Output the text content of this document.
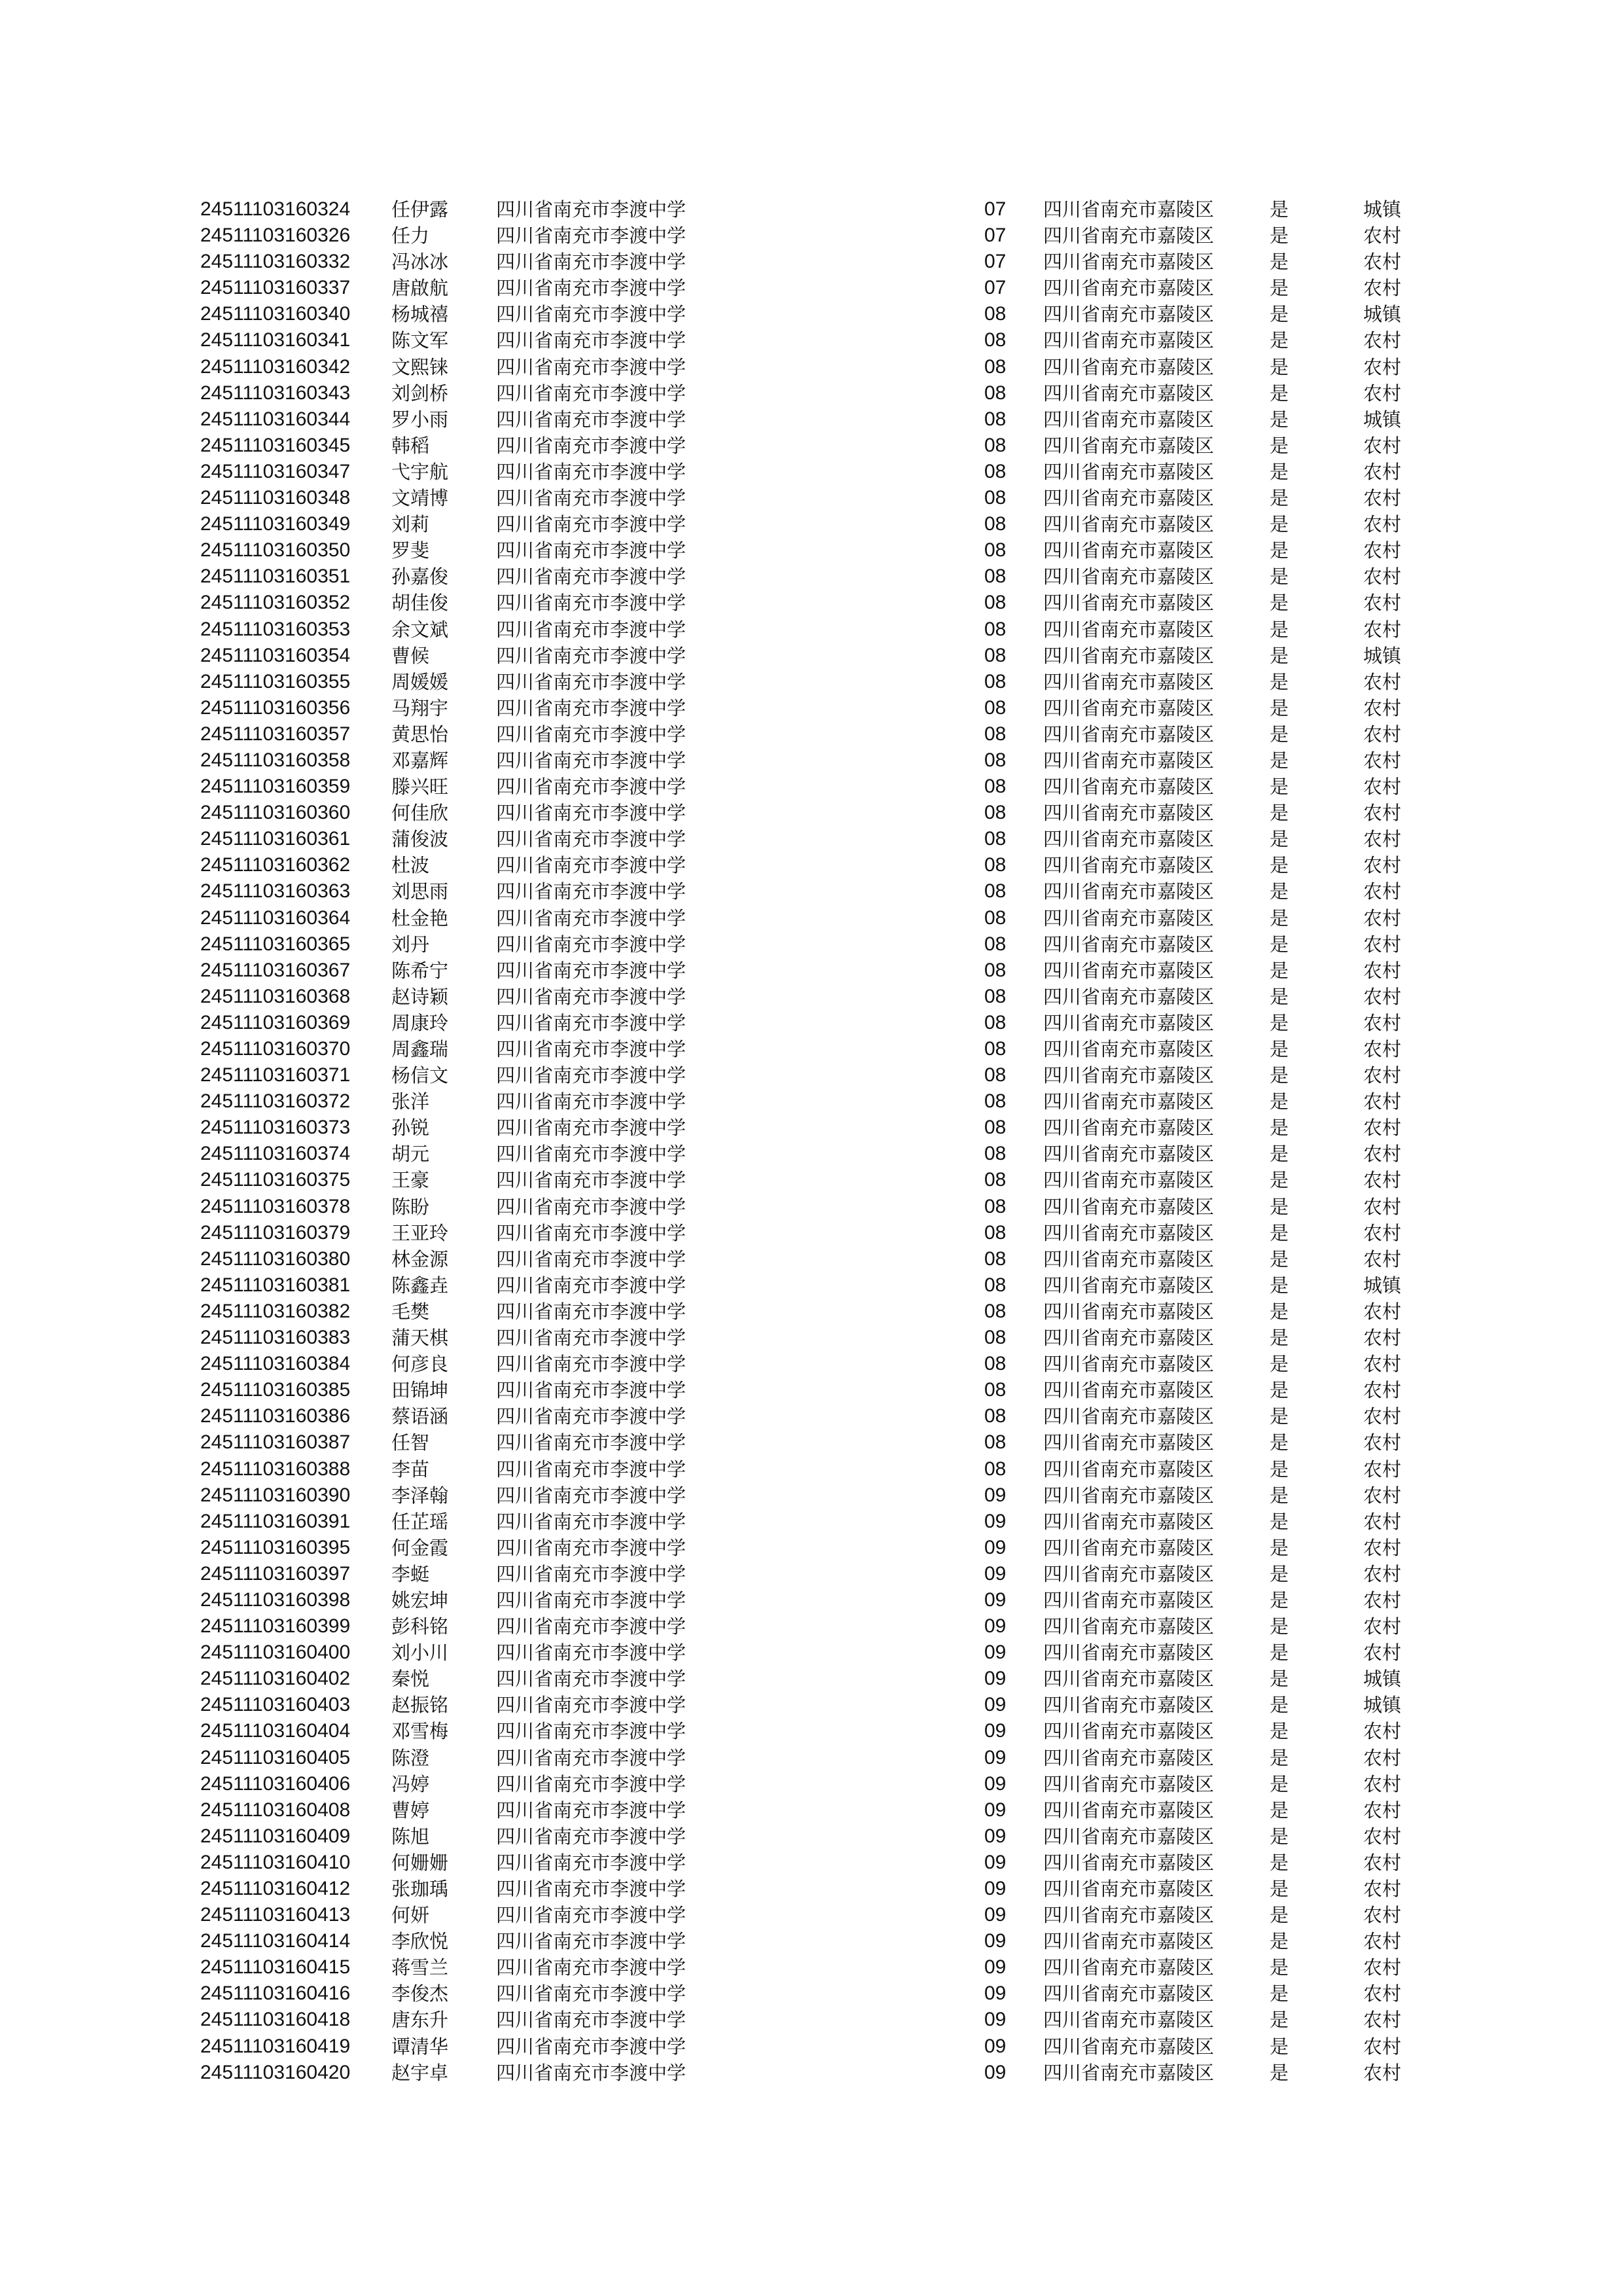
24511103160324 任伊露	四川省南充市李渡中学	07 四川省南充市嘉陵区	是	城镇
24511103160326 任力	四川省南充市李渡中学	07 四川省南充市嘉陵区	是	农村
24511103160332 冯冰冰	四川省南充市李渡中学	07 四川省南充市嘉陵区	是	农村
24511103160337 唐啟航	四川省南充市李渡中学	07 四川省南充市嘉陵区	是	农村
24511103160340 杨城禧	四川省南充市李渡中学	08 四川省南充市嘉陵区	是	城镇
24511103160341 陈文军	四川省南充市李渡中学	08 四川省南充市嘉陵区	是	农村
24511103160342 文熙铼	四川省南充市李渡中学	08 四川省南充市嘉陵区	是	农村
24511103160343 刘剑桥	四川省南充市李渡中学	08 四川省南充市嘉陵区	是	农村
24511103160344 罗小雨	四川省南充市李渡中学	08 四川省南充市嘉陵区	是	城镇
24511103160345 韩稻	四川省南充市李渡中学	08 四川省南充市嘉陵区	是	农村
24511103160347 弋宇航	四川省南充市李渡中学	08 四川省南充市嘉陵区	是	农村
24511103160348 文靖博	四川省南充市李渡中学	08 四川省南充市嘉陵区	是	农村
24511103160349 刘莉	四川省南充市李渡中学	08 四川省南充市嘉陵区	是	农村
24511103160350 罗斐	四川省南充市李渡中学	08 四川省南充市嘉陵区	是	农村
24511103160351 孙嘉俊	四川省南充市李渡中学	08 四川省南充市嘉陵区	是	农村
24511103160352 胡佳俊	四川省南充市李渡中学	08 四川省南充市嘉陵区	是	农村
24511103160353 余文斌	四川省南充市李渡中学	08 四川省南充市嘉陵区	是	农村
24511103160354 曹候	四川省南充市李渡中学	08 四川省南充市嘉陵区	是	城镇
24511103160355 周媛媛	四川省南充市李渡中学	08 四川省南充市嘉陵区	是	农村
24511103160356 马翔宇	四川省南充市李渡中学	08 四川省南充市嘉陵区	是	农村
24511103160357 黄思怡	四川省南充市李渡中学	08 四川省南充市嘉陵区	是	农村
24511103160358 邓嘉辉	四川省南充市李渡中学	08 四川省南充市嘉陵区	是	农村
24511103160359 滕兴旺	四川省南充市李渡中学	08 四川省南充市嘉陵区	是	农村
24511103160360 何佳欣	四川省南充市李渡中学	08 四川省南充市嘉陵区	是	农村
24511103160361 蒲俊波	四川省南充市李渡中学	08 四川省南充市嘉陵区	是	农村
24511103160362 杜波	四川省南充市李渡中学	08 四川省南充市嘉陵区	是	农村
24511103160363 刘思雨	四川省南充市李渡中学	08 四川省南充市嘉陵区	是	农村
24511103160364 杜金艳	四川省南充市李渡中学	08 四川省南充市嘉陵区	是	农村
24511103160365 刘丹	四川省南充市李渡中学	08 四川省南充市嘉陵区	是	农村
24511103160367 陈希宁	四川省南充市李渡中学	08 四川省南充市嘉陵区	是	农村
24511103160368 赵诗颖	四川省南充市李渡中学	08 四川省南充市嘉陵区	是	农村
24511103160369 周康玲	四川省南充市李渡中学	08 四川省南充市嘉陵区	是	农村
24511103160370 周鑫瑞	四川省南充市李渡中学	08 四川省南充市嘉陵区	是	农村
24511103160371 杨信文	四川省南充市李渡中学	08 四川省南充市嘉陵区	是	农村
24511103160372 张洋	四川省南充市李渡中学	08 四川省南充市嘉陵区	是	农村
24511103160373 孙锐	四川省南充市李渡中学	08 四川省南充市嘉陵区	是	农村
24511103160374 胡元	四川省南充市李渡中学	08 四川省南充市嘉陵区	是	农村
24511103160375 王豪	四川省南充市李渡中学	08 四川省南充市嘉陵区	是	农村
24511103160378 陈盼	四川省南充市李渡中学	08 四川省南充市嘉陵区	是	农村
24511103160379 王亚玲	四川省南充市李渡中学	08 四川省南充市嘉陵区	是	农村
24511103160380 林金源	四川省南充市李渡中学	08 四川省南充市嘉陵区	是	农村
24511103160381 陈鑫垚	四川省南充市李渡中学	08 四川省南充市嘉陵区	是	城镇
24511103160382 毛樊	四川省南充市李渡中学	08 四川省南充市嘉陵区	是	农村
24511103160383 蒲天棋	四川省南充市李渡中学	08 四川省南充市嘉陵区	是	农村
24511103160384 何彦良	四川省南充市李渡中学	08 四川省南充市嘉陵区	是	农村
24511103160385 田锦坤	四川省南充市李渡中学	08 四川省南充市嘉陵区	是	农村
24511103160386 蔡语涵	四川省南充市李渡中学	08 四川省南充市嘉陵区	是	农村
24511103160387 任智	四川省南充市李渡中学	08 四川省南充市嘉陵区	是	农村
24511103160388 李苗	四川省南充市李渡中学	08 四川省南充市嘉陵区	是	农村
24511103160390 李泽翰	四川省南充市李渡中学	09 四川省南充市嘉陵区	是	农村
24511103160391 任芷瑶	四川省南充市李渡中学	09 四川省南充市嘉陵区	是	农村
24511103160395 何金霞	四川省南充市李渡中学	09 四川省南充市嘉陵区	是	农村
24511103160397 李蜓	四川省南充市李渡中学	09 四川省南充市嘉陵区	是	农村
24511103160398 姚宏坤	四川省南充市李渡中学	09 四川省南充市嘉陵区	是	农村
24511103160399 彭科铭	四川省南充市李渡中学	09 四川省南充市嘉陵区	是	农村
24511103160400 刘小川	四川省南充市李渡中学	09 四川省南充市嘉陵区	是	农村
24511103160402 秦悦	四川省南充市李渡中学	09 四川省南充市嘉陵区	是	城镇
24511103160403 赵振铭	四川省南充市李渡中学	09 四川省南充市嘉陵区	是	城镇
24511103160404 邓雪梅	四川省南充市李渡中学	09 四川省南充市嘉陵区	是	农村
24511103160405 陈澄	四川省南充市李渡中学	09 四川省南充市嘉陵区	是	农村
24511103160406 冯婷	四川省南充市李渡中学	09 四川省南充市嘉陵区	是	农村
24511103160408 曹婷	四川省南充市李渡中学	09 四川省南充市嘉陵区	是	农村
24511103160409 陈旭	四川省南充市李渡中学	09 四川省南充市嘉陵区	是	农村
24511103160410 何姗姗	四川省南充市李渡中学	09 四川省南充市嘉陵区	是	农村
24511103160412 张珈瑀	四川省南充市李渡中学	09 四川省南充市嘉陵区	是	农村
24511103160413 何妍	四川省南充市李渡中学	09 四川省南充市嘉陵区	是	农村
24511103160414 李欣悦	四川省南充市李渡中学	09 四川省南充市嘉陵区	是	农村
24511103160415 蒋雪兰	四川省南充市李渡中学	09 四川省南充市嘉陵区	是	农村
24511103160416 李俊杰	四川省南充市李渡中学	09 四川省南充市嘉陵区	是	农村
24511103160418 唐东升	四川省南充市李渡中学	09 四川省南充市嘉陵区	是	农村
24511103160419 谭清华	四川省南充市李渡中学	09 四川省南充市嘉陵区	是	农村
24511103160420 赵宇卓	四川省南充市李渡中学	09 四川省南充市嘉陵区	是	农村
